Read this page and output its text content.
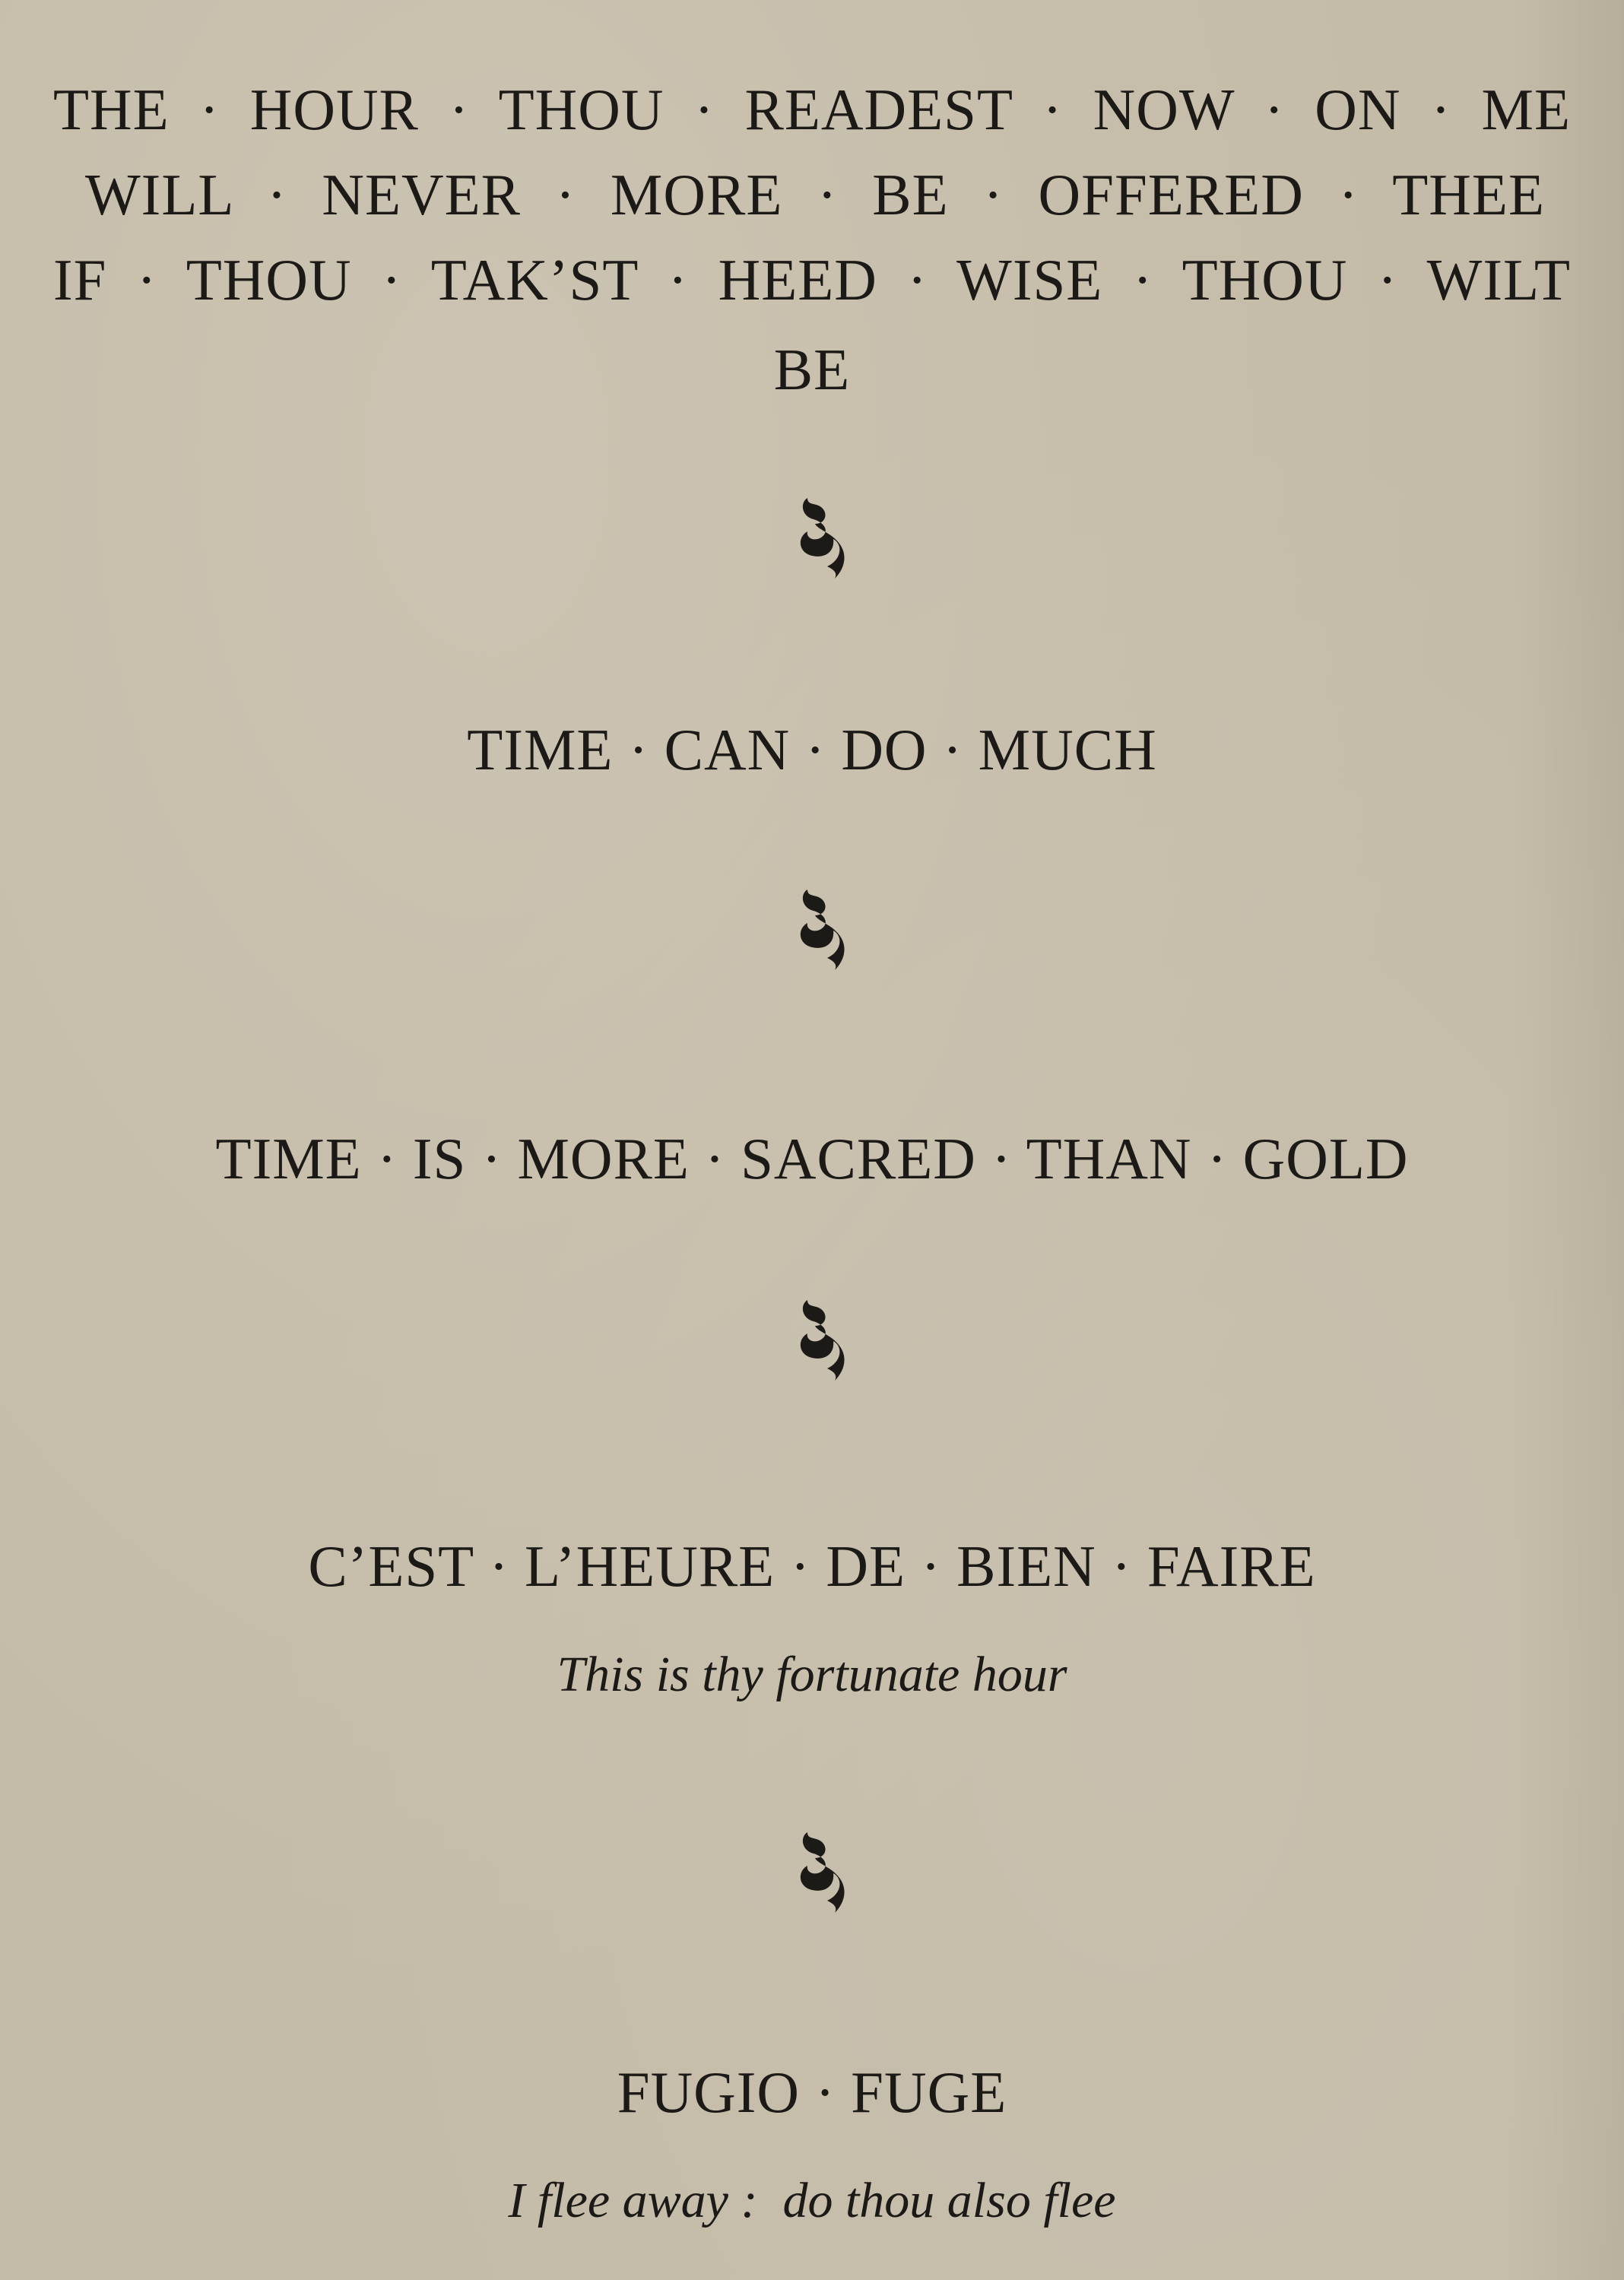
THE · HOUR · THOU · READEST · NOW · ON · ME
WILL · NEVER · MORE · BE · OFFERED · THEE
IF · THOU · TAK’ST · HEED · WISE · THOU · WILT
BE
TIME · CAN · DO · MUCH
TIME · IS · MORE · SACRED · THAN · GOLD
C’EST · L’HEURE · DE · BIEN · FAIRE
This is thy fortunate hour
FUGIO · FUGE
I flee away :  do thou also flee
